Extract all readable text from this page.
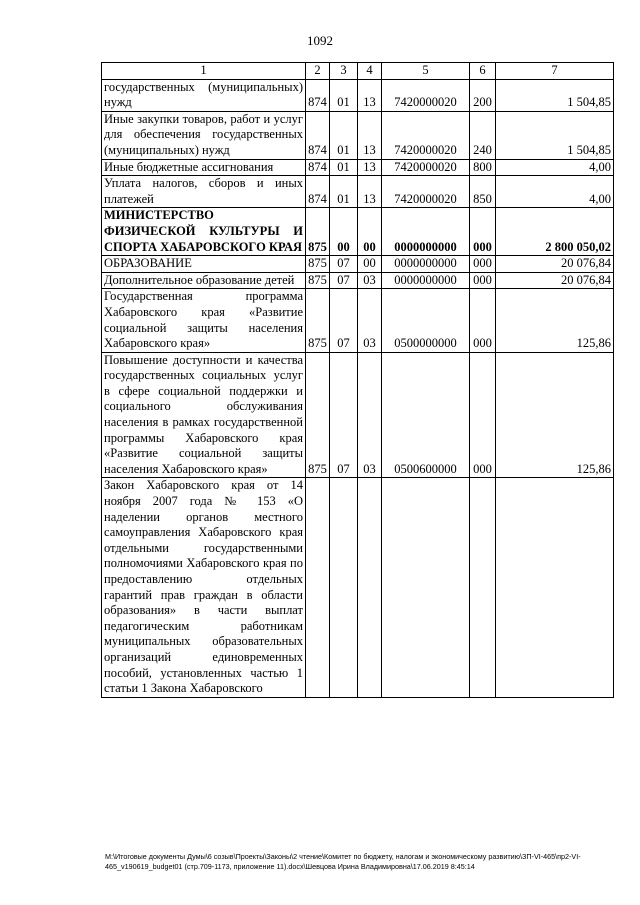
1092
1	2	3	4	5	6	7
государственных (муниципальных) нужд	874	01	13	7420000020	200	1 504,85
Иные закупки товаров, работ и услуг для обеспечения государственных (муниципальных) нужд	874	01	13	7420000020	240	1 504,85
Иные бюджетные ассигнования	874	01	13	7420000020	800	4,00
Уплата налогов, сборов и иных платежей	874	01	13	7420000020	850	4,00
МИНИСТЕРСТВО ФИЗИЧЕСКОЙ КУЛЬТУРЫ И СПОРТА ХАБАРОВСКОГО КРАЯ	875	00	00	0000000000	000	2 800 050,02
ОБРАЗОВАНИЕ	875	07	00	0000000000	000	20 076,84
Дополнительное образование детей	875	07	03	0000000000	000	20 076,84
Государственная программа Хабаровского края «Развитие социальной защиты населения Хабаровского края»	875	07	03	0500000000	000	125,86
Повышение доступности и качества государственных социальных услуг в сфере социальной поддержки и социального обслуживания населения в рамках государственной программы Хабаровского края «Развитие социальной защиты населения Хабаровского края»	875	07	03	0500600000	000	125,86
Закон Хабаровского края от 14 ноября 2007 года № 153 «О наделении органов местного самоуправления Хабаровского края отдельными государственными полномочиями Хабаровского края по предоставлению отдельных гарантий прав граждан в области образования» в части выплат педагогическим работникам муниципальных образовательных организаций единовременных пособий, установленных частью 1 статьи 1 Закона Хабаровского						
M:\Итоговые документы Думы\6 созыв\Проекты\Законы\2 чтение\Комитет по бюджету, налогам и экономическому развитию\ЗП-VI-465\пр2-VI-465_v190619_budget01 (стр.709-1173, приложение 11).docx\Шевцова Ирина Владимировна\17.06.2019 8:45:14
